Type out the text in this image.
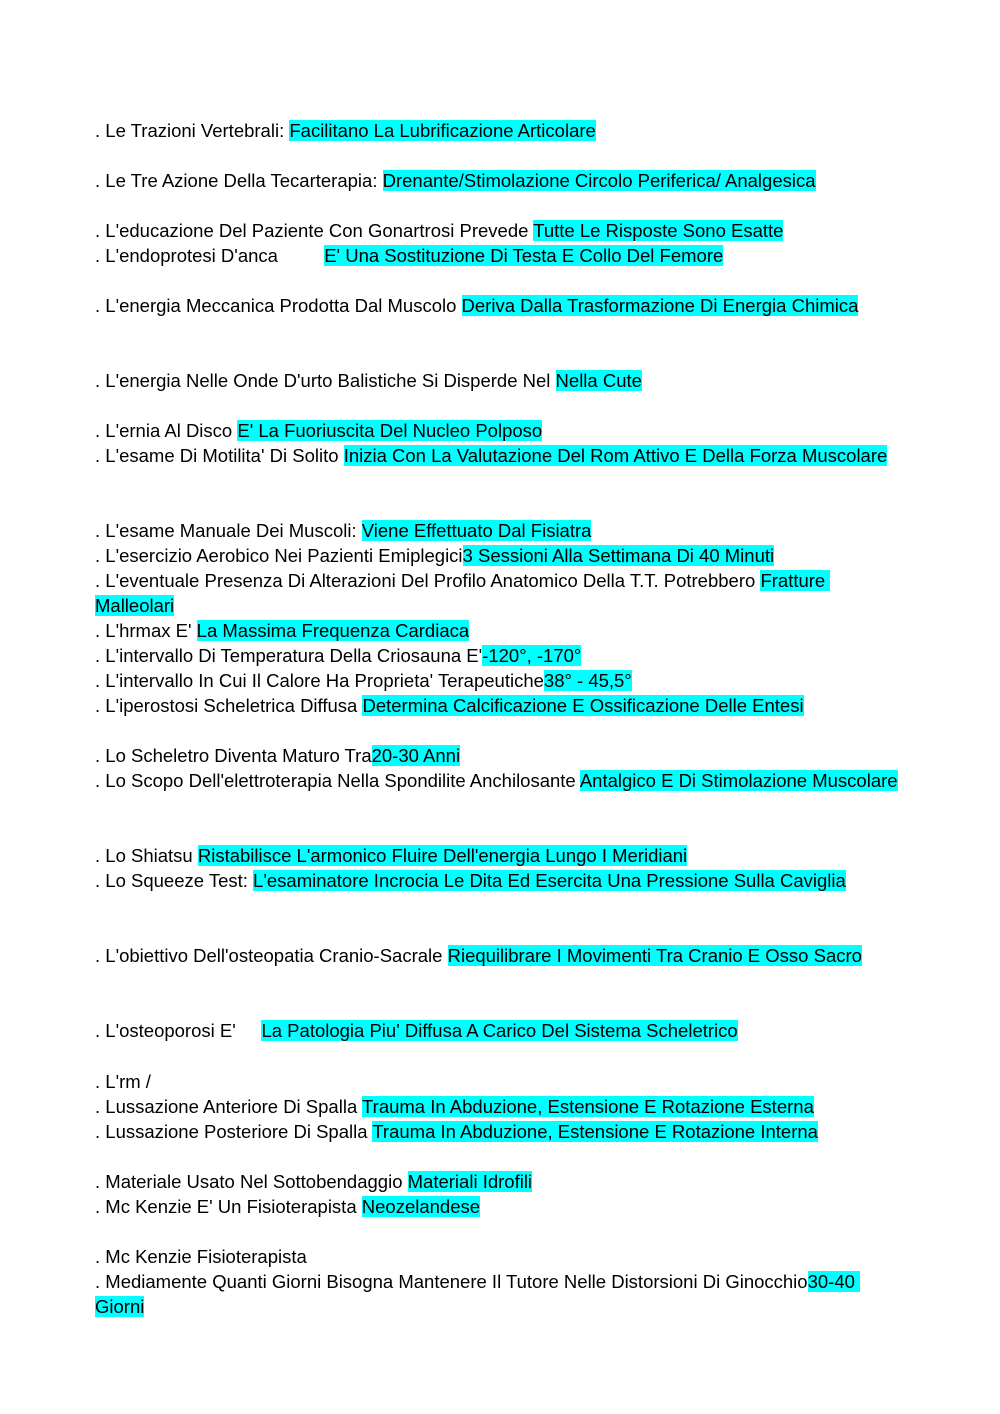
. Le Trazioni Vertebrali: Facilitano La Lubrificazione Articolare
. Le Tre Azione Della Tecarterapia: Drenante/Stimolazione Circolo Periferica/ Analgesica
. L'educazione Del Paziente Con Gonartrosi Prevede Tutte Le Risposte Sono Esatte
. L'endoprotesi D'anca         E' Una Sostituzione Di Testa E Collo Del Femore
. L'energia Meccanica Prodotta Dal Muscolo Deriva Dalla Trasformazione Di Energia Chimica
. L'energia Nelle Onde D'urto Balistiche Si Disperde Nel Nella Cute
. L'ernia Al Disco E' La Fuoriuscita Del Nucleo Polposo
. L'esame Di Motilita' Di Solito Inizia Con La Valutazione Del Rom Attivo E Della Forza Muscolare
. L'esame Manuale Dei Muscoli: Viene Effettuato Dal Fisiatra
. L'esercizio Aerobico Nei Pazienti Emiplegici3 Sessioni Alla Settimana Di 40 Minuti
. L'eventuale Presenza Di Alterazioni Del Profilo Anatomico Della T.T. Potrebbero Fratture Malleolari
. L'hrmax E' La Massima Frequenza Cardiaca
. L'intervallo Di Temperatura Della Criosauna E'-120°, -170°
. L'intervallo In Cui Il Calore Ha Proprieta' Terapeutiche38° - 45,5°
. L'iperostosi Scheletrica Diffusa Determina Calcificazione E Ossificazione Delle Entesi
. Lo Scheletro Diventa Maturo Tra20-30 Anni
. Lo Scopo Dell'elettroterapia Nella Spondilite Anchilosante Antalgico E Di Stimolazione Muscolare
. Lo Shiatsu Ristabilisce L'armonico Fluire Dell'energia Lungo I Meridiani
. Lo Squeeze Test: L'esaminatore Incrocia Le Dita Ed Esercita Una Pressione Sulla Caviglia
. L'obiettivo Dell'osteopatia Cranio-Sacrale Riequilibrare I Movimenti Tra Cranio E Osso Sacro
. L'osteoporosi E'     La Patologia Piu' Diffusa A Carico Del Sistema Scheletrico
. L'rm /
. Lussazione Anteriore Di Spalla Trauma In Abduzione, Estensione E Rotazione Esterna
. Lussazione Posteriore Di Spalla Trauma In Abduzione, Estensione E Rotazione Interna
. Materiale Usato Nel Sottobendaggio Materiali Idrofili
. Mc Kenzie E' Un Fisioterapista Neozelandese
. Mc Kenzie Fisioterapista
. Mediamente Quanti Giorni Bisogna Mantenere Il Tutore Nelle Distorsioni Di Ginocchio30-40 Giorni
